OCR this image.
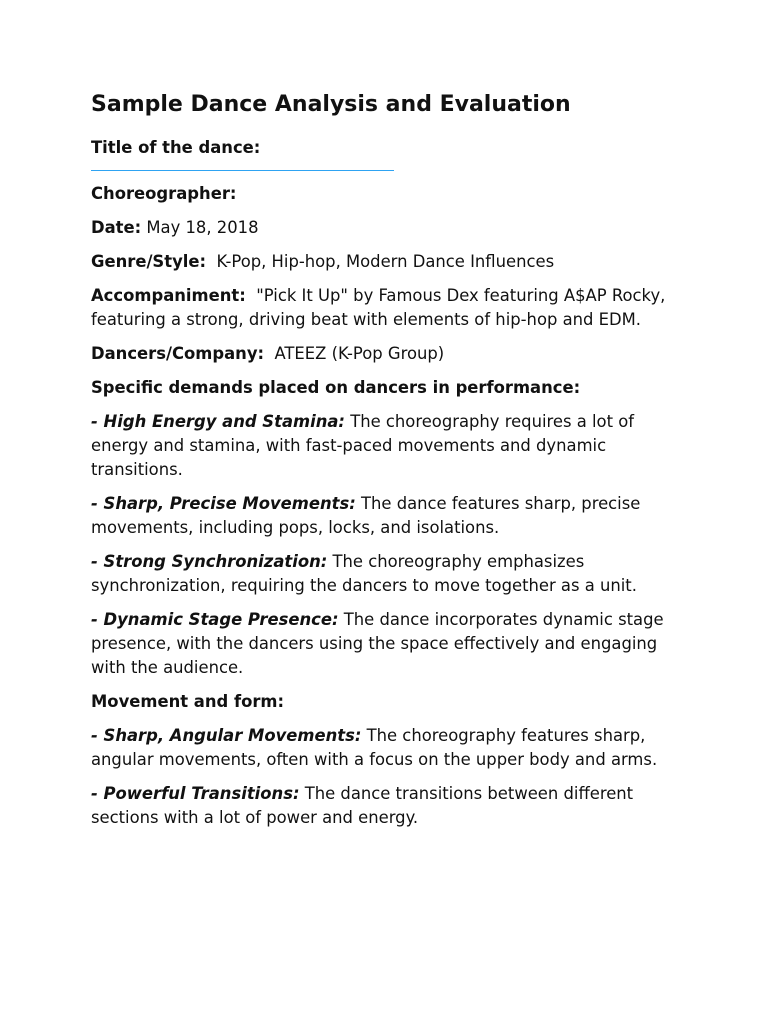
Sample Dance Analysis and Evaluation
Title of the dance:
Choreographer:
Date: May 18, 2018
Genre/Style: K-Pop, Hip-hop, Modern Dance Influences
Accompaniment: "Pick It Up" by Famous Dex featuring A$AP Rocky, featuring a strong, driving beat with elements of hip-hop and EDM.
Dancers/Company: ATEEZ (K-Pop Group)
Specific demands placed on dancers in performance:
- High Energy and Stamina: The choreography requires a lot of energy and stamina, with fast-paced movements and dynamic transitions.
- Sharp, Precise Movements: The dance features sharp, precise movements, including pops, locks, and isolations.
- Strong Synchronization: The choreography emphasizes synchronization, requiring the dancers to move together as a unit.
- Dynamic Stage Presence: The dance incorporates dynamic stage presence, with the dancers using the space effectively and engaging with the audience.
Movement and form:
- Sharp, Angular Movements: The choreography features sharp, angular movements, often with a focus on the upper body and arms.
- Powerful Transitions: The dance transitions between different sections with a lot of power and energy.
